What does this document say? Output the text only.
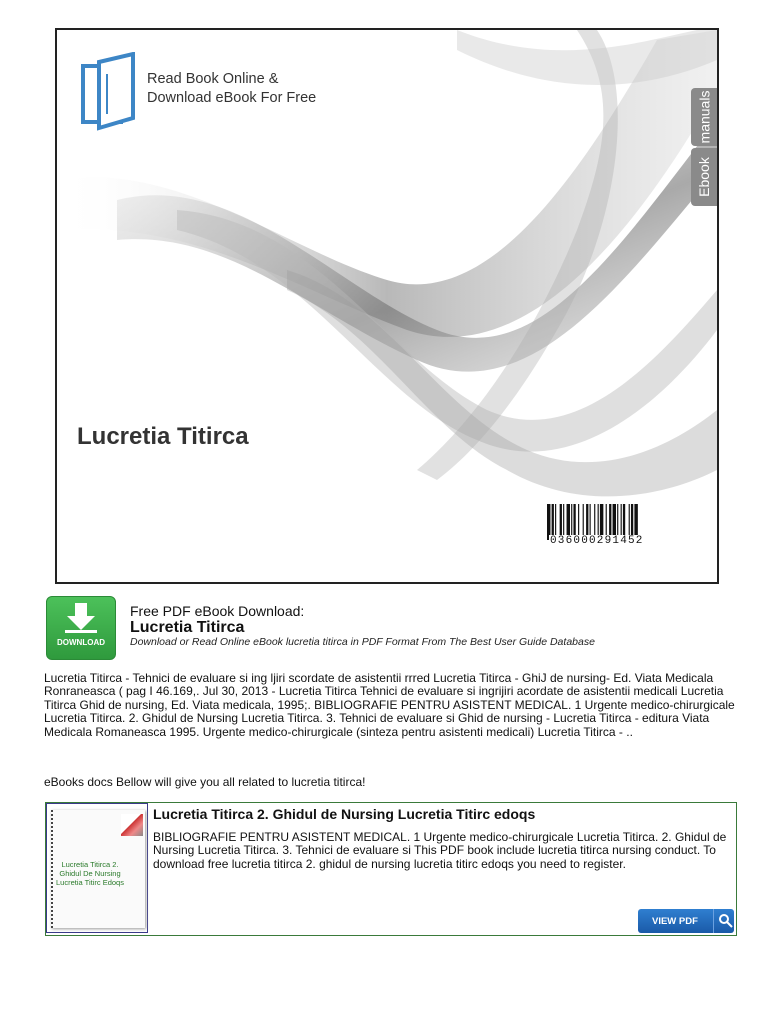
Read Book Online &
Download eBook For Free	manuals
Ebook
Lucretia Titirca
036000291452
DOWNLOAD
Free PDF eBook Download:
Lucretia Titirca
Download or Read Online eBook lucretia titirca in PDF Format From The Best User Guide Database
Lucretia Titirca - Tehnici de evaluare si ing ljiri scordate de asistentii rrred Lucretia Titirca - GhiJ de nursing- Ed. Viata Medicala Ronraneasca ( pag I 46.169,. Jul 30, 2013 - Lucretia Titirca Tehnici de evaluare si ingrijiri acordate de asistentii medicali Lucretia Titirca Ghid de nursing, Ed. Viata medicala, 1995;. BIBLIOGRAFIE PENTRU ASISTENT MEDICAL. 1 Urgente medico-chirurgicale Lucretia Titirca. 2. Ghidul de Nursing Lucretia Titirca. 3. Tehnici de evaluare si Ghid de nursing - Lucretia Titirca - editura Viata Medicala Romaneasca 1995. Urgente medico-chirurgicale (sinteza pentru asistenti medicali) Lucretia Titirca - ..
eBooks docs Bellow will give you all related to lucretia titirca!
Lucretia Titirca 2. Ghidul De Nursing Lucretia Titirc Edoqs
Lucretia Titirca 2. Ghidul de Nursing Lucretia Titirc edoqs
BIBLIOGRAFIE PENTRU ASISTENT MEDICAL. 1 Urgente medico-chirurgicale Lucretia Titirca. 2. Ghidul de Nursing Lucretia Titirca. 3. Tehnici de evaluare si This PDF book include lucretia titirca nursing conduct. To download free lucretia titirca 2. ghidul de nursing lucretia titirc edoqs you need to register.
VIEW PDF
